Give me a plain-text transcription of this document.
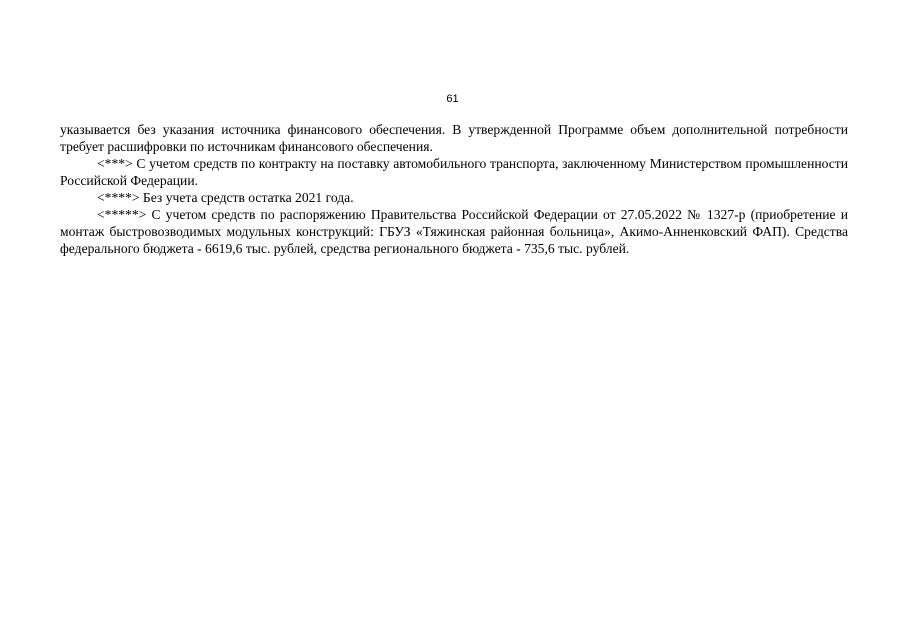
61

указывается без указания источника финансового обеспечения. В утвержденной Программе объем дополнительной потребности требует расшифровки по источникам финансового обеспечения.

<***> С учетом средств по контракту на поставку автомобильного транспорта, заключенному Министерством промышленности Российской Федерации.

<****> Без учета средств остатка 2021 года.

<*****> С учетом средств по распоряжению Правительства Российской Федерации от 27.05.2022 № 1327-р (приобретение и монтаж быстровозводимых модульных конструкций: ГБУЗ «Тяжинская районная больница», Акимо-Анненковский ФАП). Средства федерального бюджета - 6619,6 тыс. рублей, средства регионального бюджета - 735,6 тыс. рублей.
